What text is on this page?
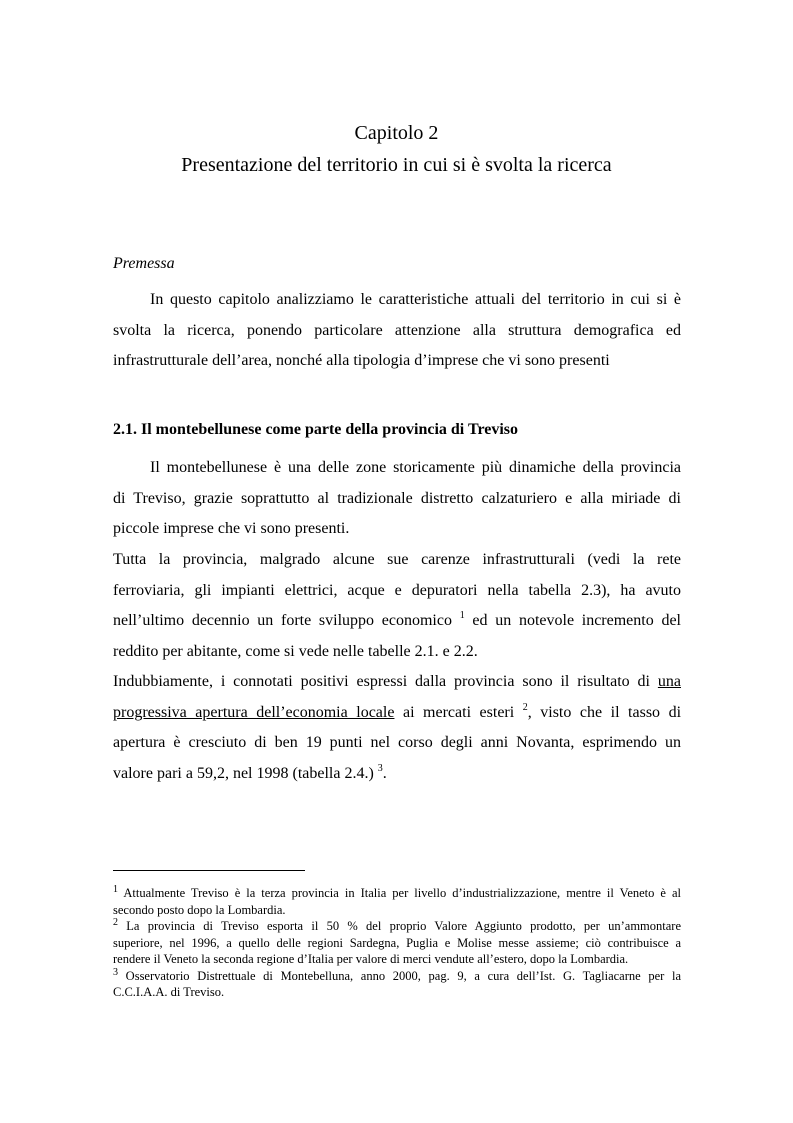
Capitolo 2
Presentazione del territorio in cui si è svolta la ricerca
Premessa
In questo capitolo analizziamo le caratteristiche attuali del territorio in cui si è
svolta la ricerca, ponendo particolare attenzione alla struttura demografica ed
infrastrutturale dell’area, nonché alla tipologia d’imprese che vi sono presenti
2.1. Il montebellunese come parte della provincia di Treviso
Il montebellunese è una delle zone storicamente più dinamiche della provincia
di Treviso, grazie soprattutto al tradizionale distretto calzaturiero e alla miriade di
piccole imprese che vi sono presenti.
Tutta la provincia, malgrado alcune sue carenze infrastrutturali (vedi la rete
ferroviaria, gli impianti elettrici, acque e depuratori nella tabella 2.3), ha avuto
nell’ultimo decennio un forte sviluppo economico $^1$ ed un notevole incremento del
reddito per abitante, come si vede nelle tabelle 2.1. e 2.2.
Indubbiamente, i connotati positivi espressi dalla provincia sono il risultato di una
progressiva apertura dell’economia locale ai mercati esteri $^2$, visto che il tasso di
apertura è cresciuto di ben 19 punti nel corso degli anni Novanta, esprimendo un
valore pari a 59,2, nel 1998 (tabella 2.4.) $^3$.
$^1$ Attualmente Treviso è la terza provincia in Italia per livello d’industrializzazione, mentre il Veneto è al
secondo posto dopo la Lombardia.
$^2$ La provincia di Treviso esporta il 50 % del proprio Valore Aggiunto prodotto, per un’ammontare
superiore, nel 1996, a quello delle regioni Sardegna, Puglia e Molise messe assieme; ciò contribuisce a
rendere il Veneto la seconda regione d’Italia per valore di merci vendute all’estero, dopo la Lombardia.
$^3$ Osservatorio Distrettuale di Montebelluna, anno 2000, pag. 9, a cura dell’Ist. G. Tagliacarne per la
C.C.I.A.A. di Treviso.
